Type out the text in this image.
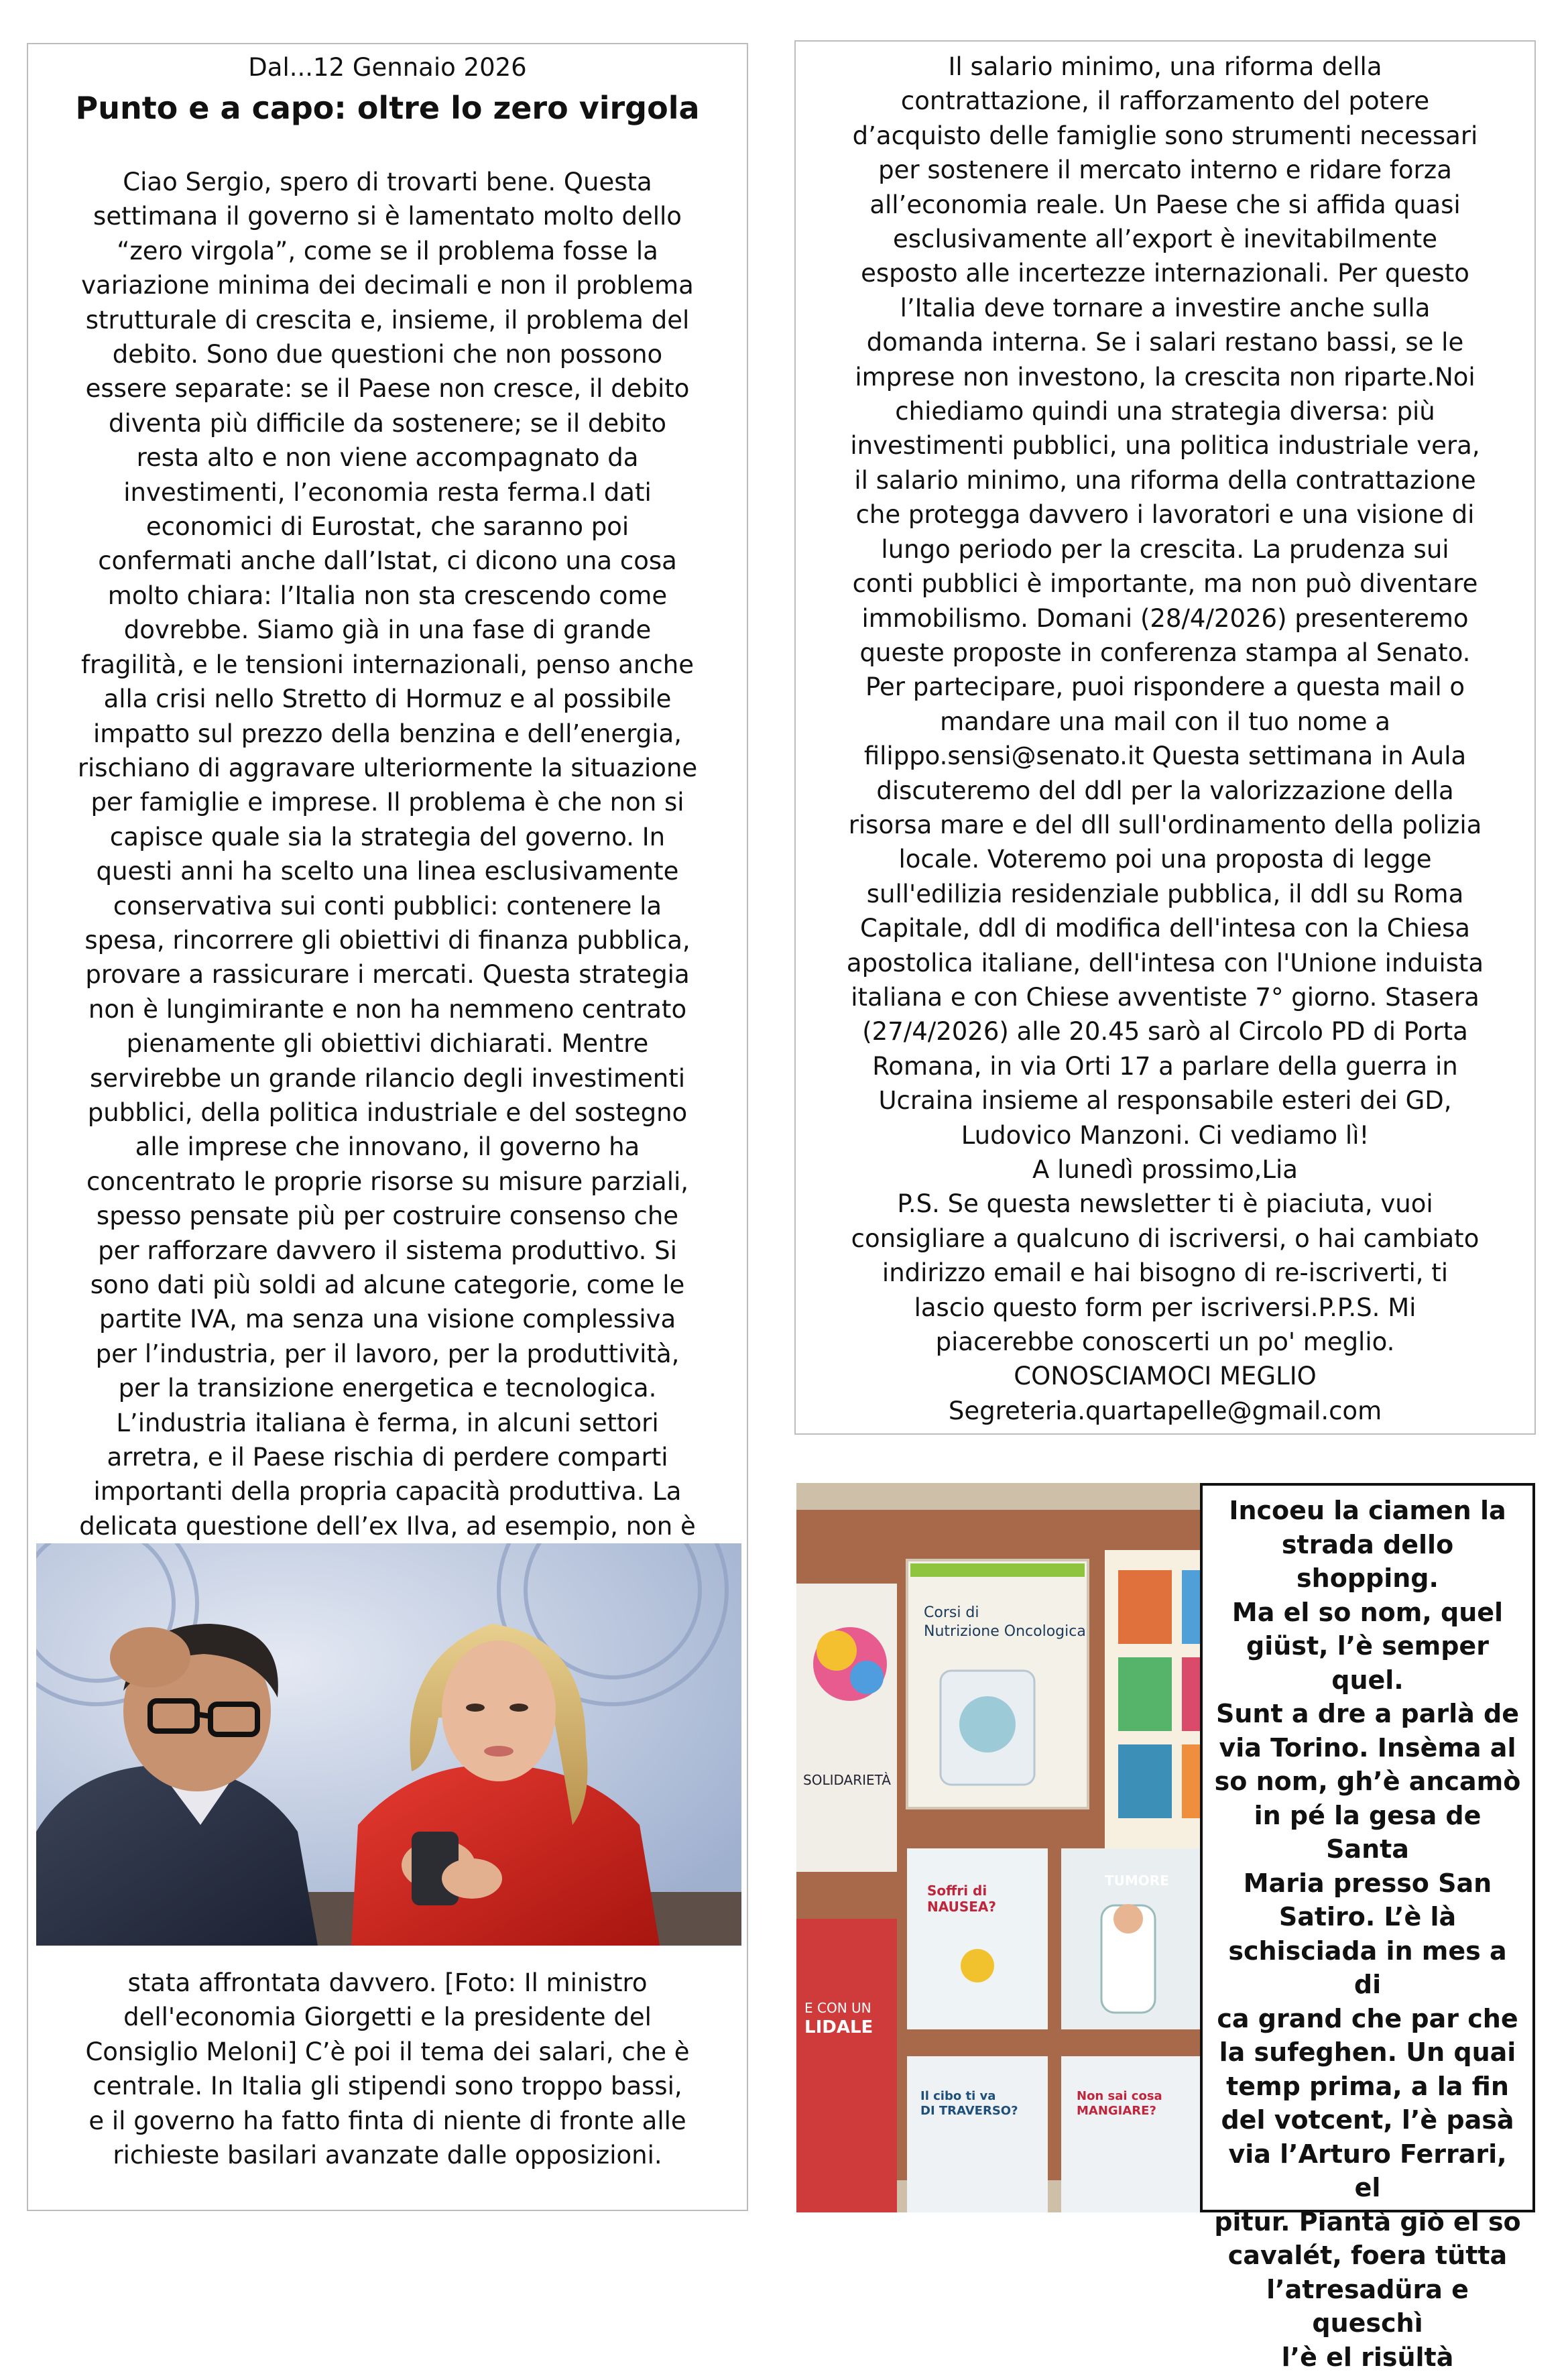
Dal...12 Gennaio 2026
Punto e a capo: oltre lo zero virgola

Ciao Sergio, spero di trovarti bene. Questa
settimana il governo si è lamentato molto dello
“zero virgola”, come se il problema fosse la
variazione minima dei decimali e non il problema
strutturale di crescita e, insieme, il problema del
debito. Sono due questioni che non possono
essere separate: se il Paese non cresce, il debito
diventa più difficile da sostenere; se il debito
resta alto e non viene accompagnato da
investimenti, l’economia resta ferma.I dati
economici di Eurostat, che saranno poi
confermati anche dall’Istat, ci dicono una cosa
molto chiara: l’Italia non sta crescendo come
dovrebbe. Siamo già in una fase di grande
fragilità, e le tensioni internazionali, penso anche
alla crisi nello Stretto di Hormuz e al possibile
impatto sul prezzo della benzina e dell’energia,
rischiano di aggravare ulteriormente la situazione
per famiglie e imprese. Il problema è che non si
capisce quale sia la strategia del governo. In
questi anni ha scelto una linea esclusivamente
conservativa sui conti pubblici: contenere la
spesa, rincorrere gli obiettivi di finanza pubblica,
provare a rassicurare i mercati. Questa strategia
non è lungimirante e non ha nemmeno centrato
pienamente gli obiettivi dichiarati. Mentre
servirebbe un grande rilancio degli investimenti
pubblici, della politica industriale e del sostegno
alle imprese che innovano, il governo ha
concentrato le proprie risorse su misure parziali,
spesso pensate più per costruire consenso che
per rafforzare davvero il sistema produttivo. Si
sono dati più soldi ad alcune categorie, come le
partite IVA, ma senza una visione complessiva
per l’industria, per il lavoro, per la produttività,
per la transizione energetica e tecnologica.
L’industria italiana è ferma, in alcuni settori
arretra, e il Paese rischia di perdere comparti
importanti della propria capacità produttiva. La
delicata questione dell’ex Ilva, ad esempio, non è

stata affrontata davvero. [Foto: Il ministro
dell'economia Giorgetti e la presidente del
Consiglio Meloni] C’è poi il tema dei salari, che è
centrale. In Italia gli stipendi sono troppo bassi,
e il governo ha fatto finta di niente di fronte alle
richieste basilari avanzate dalle opposizioni.

Il salario minimo, una riforma della
contrattazione, il rafforzamento del potere
d’acquisto delle famiglie sono strumenti necessari
per sostenere il mercato interno e ridare forza
all’economia reale. Un Paese che si affida quasi
esclusivamente all’export è inevitabilmente
esposto alle incertezze internazionali. Per questo
l’Italia deve tornare a investire anche sulla
domanda interna. Se i salari restano bassi, se le
imprese non investono, la crescita non riparte.Noi
chiediamo quindi una strategia diversa: più
investimenti pubblici, una politica industriale vera,
il salario minimo, una riforma della contrattazione
che protegga davvero i lavoratori e una visione di
lungo periodo per la crescita. La prudenza sui
conti pubblici è importante, ma non può diventare
immobilismo. Domani (28/4/2026) presenteremo
queste proposte in conferenza stampa al Senato.
Per partecipare, puoi rispondere a questa mail o
mandare una mail con il tuo nome a
filippo.sensi@senato.it Questa settimana in Aula
discuteremo del ddl per la valorizzazione della
risorsa mare e del dll sull'ordinamento della polizia
locale. Voteremo poi una proposta di legge
sull'edilizia residenziale pubblica, il ddl su Roma
Capitale, ddl di modifica dell'intesa con la Chiesa
apostolica italiane, dell'intesa con l'Unione induista
italiana e con Chiese avventiste 7° giorno. Stasera
(27/4/2026) alle 20.45 sarò al Circolo PD di Porta
Romana, in via Orti 17 a parlare della guerra in
Ucraina insieme al responsabile esteri dei GD,
Ludovico Manzoni. Ci vediamo lì!
A lunedì prossimo,Lia
P.S. Se questa newsletter ti è piaciuta, vuoi
consigliare a qualcuno di iscriversi, o hai cambiato
indirizzo email e hai bisogno di re-iscriverti, ti
lascio questo form per iscriversi.P.P.S. Mi
piacerebbe conoscerti un po' meglio.
CONOSCIAMOCI MEGLIO
Segreteria.quartapelle@gmail.com

Corsi di Nutrizione Oncologica
SOLIDARIETÀ
Soffri di NAUSEA?
TUMORE
E CON UN
LIDALE
Il cibo ti va DI TRAVERSO?
Non sai cosa MANGIARE?

Incoeu la ciamen la
strada dello shopping.
Ma el so nom, quel
giüst, l’è semper quel.
Sunt a dre a parlà de
via Torino. Insèma al
so nom, gh’è ancamò
in pé la gesa de Santa
Maria presso San
Satiro. L’è là
schisciada in mes a di
ca grand che par che
la sufeghen. Un quai
temp prima, a la fin
del votcent, l’è pasà
via l’Arturo Ferrari, el
pitur. Piantà giò el so
cavalét, foera tütta
l’atresadüra e queschì
l’è el risültà
